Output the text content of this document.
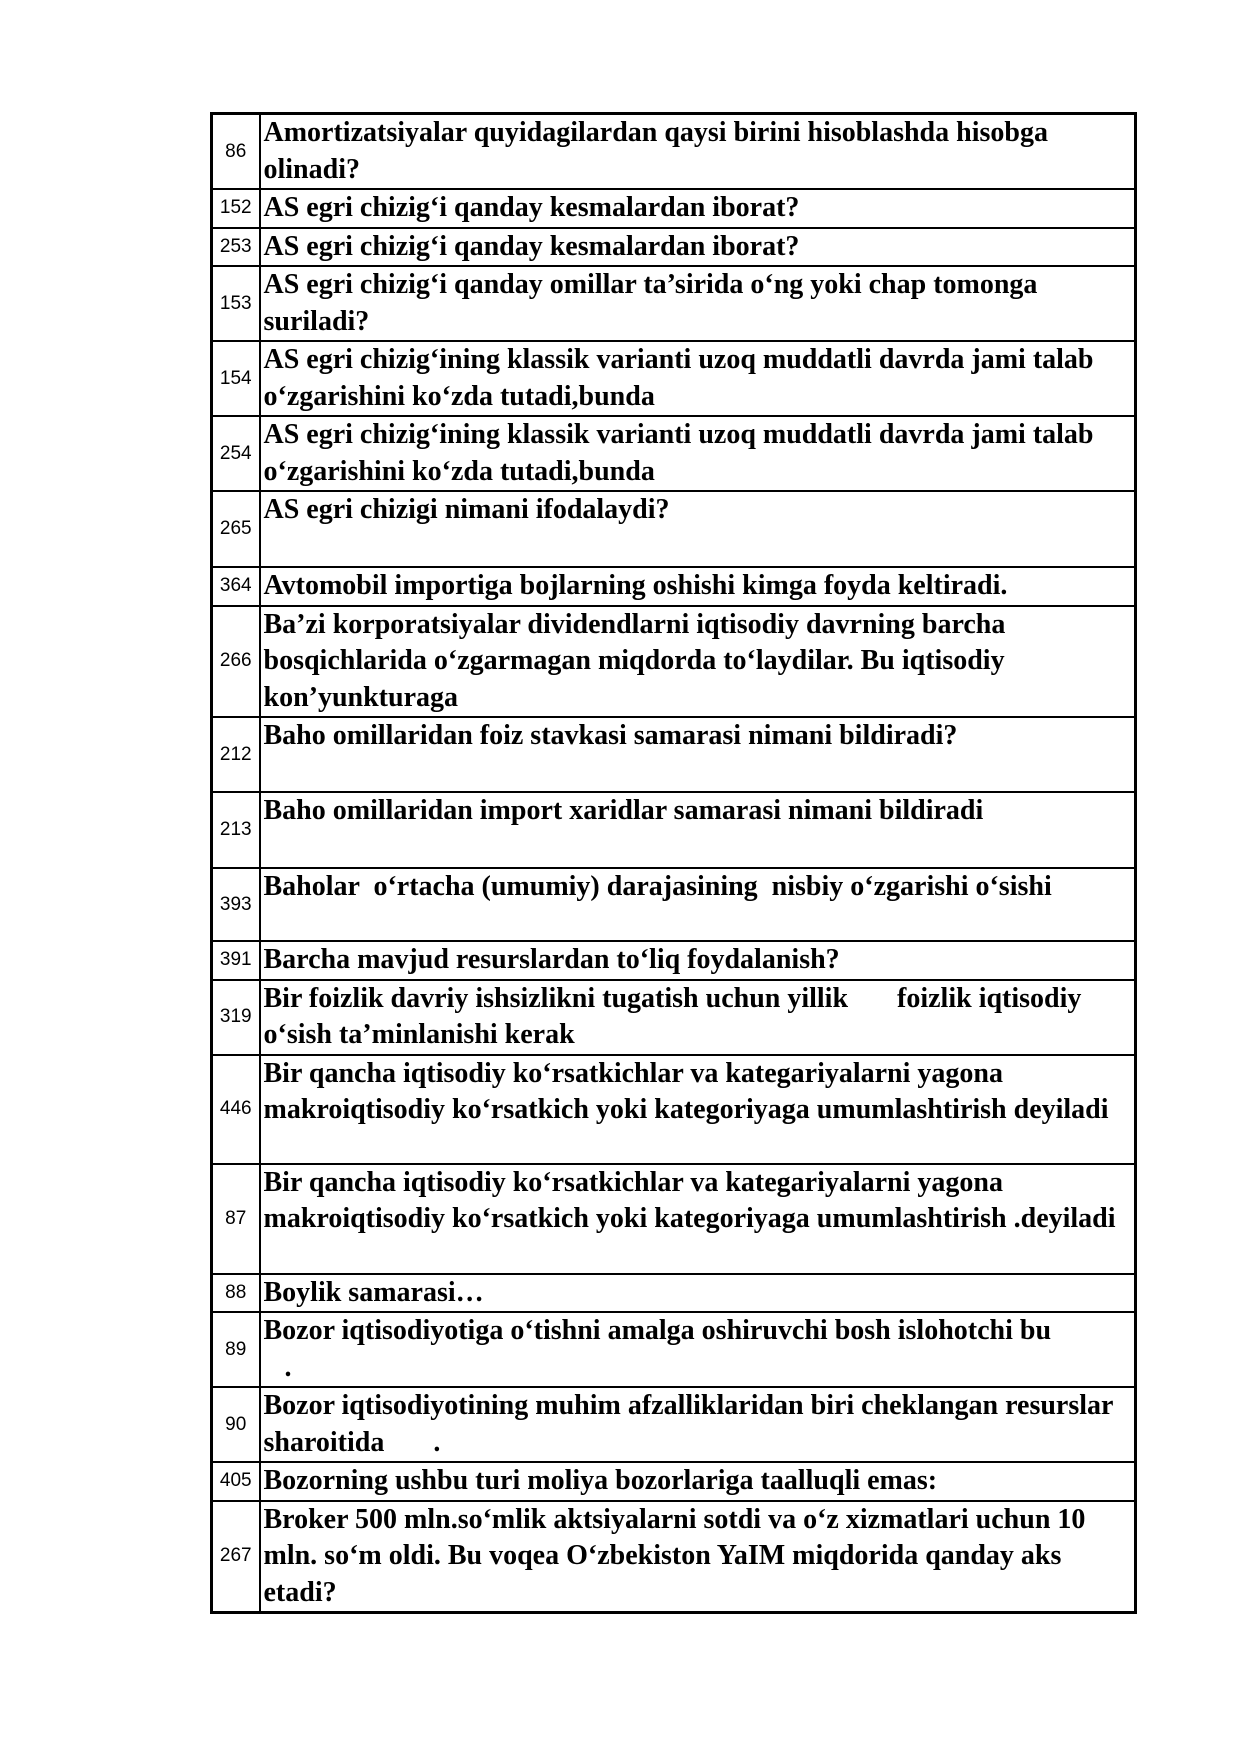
86	Amortizatsiyalar quyidagilardan qaysi birini hisoblashda hisobga olinadi?
152	AS egri chizig‘i qanday kesmalardan iborat?
253	AS egri chizig‘i qanday kesmalardan iborat?
153	AS egri chizig‘i qanday omillar ta’sirida o‘ng yoki chap tomonga suriladi?
154	AS egri chizig‘ining klassik varianti uzoq muddatli davrda jami talab o‘zgarishini ko‘zda tutadi,bunda
254	AS egri chizig‘ining klassik varianti uzoq muddatli davrda jami talab o‘zgarishini ko‘zda tutadi,bunda
265	AS egri chizigi nimani ifodalaydi?
364	Avtomobil importiga bojlarning oshishi kimga foyda keltiradi.
266	Ba’zi korporatsiyalar dividendlarni iqtisodiy davrning barcha bosqichlarida o‘zgarmagan miqdorda to‘laydilar. Bu iqtisodiy kon’yunkturaga
212	Baho omillaridan foiz stavkasi samarasi nimani bildiradi?
213	Baho omillaridan import xaridlar samarasi nimani bildiradi
393	Baholar  o‘rtacha (umumiy) darajasining  nisbiy o‘zgarishi o‘sishi
391	Barcha mavjud resurslardan to‘liq foydalanish?
319	Bir foizlik davriy ishsizlikni tugatish uchun yillik       foizlik iqtisodiy o‘sish ta’minlanishi kerak
446	Bir qancha iqtisodiy ko‘rsatkichlar va kategariyalarni yagona makroiqtisodiy ko‘rsatkich yoki kategoriyaga umumlashtirish deyiladi
87	Bir qancha iqtisodiy ko‘rsatkichlar va kategariyalarni yagona makroiqtisodiy ko‘rsatkich yoki kategoriyaga umumlashtirish .deyiladi
88	Boylik samarasi…
89	Bozor iqtisodiyotiga o‘tishni amalga oshiruvchi bosh islohotchi bu
.
90	Bozor iqtisodiyotining muhim afzalliklaridan biri cheklangan resurslar sharoitida       .
405	Bozorning ushbu turi moliya bozorlariga taalluqli emas:
267	Broker 500 mln.so‘mlik aktsiyalarni sotdi va o‘z xizmatlari uchun 10 mln. so‘m oldi. Bu voqea O‘zbekiston YaIM miqdorida qanday aks etadi?
